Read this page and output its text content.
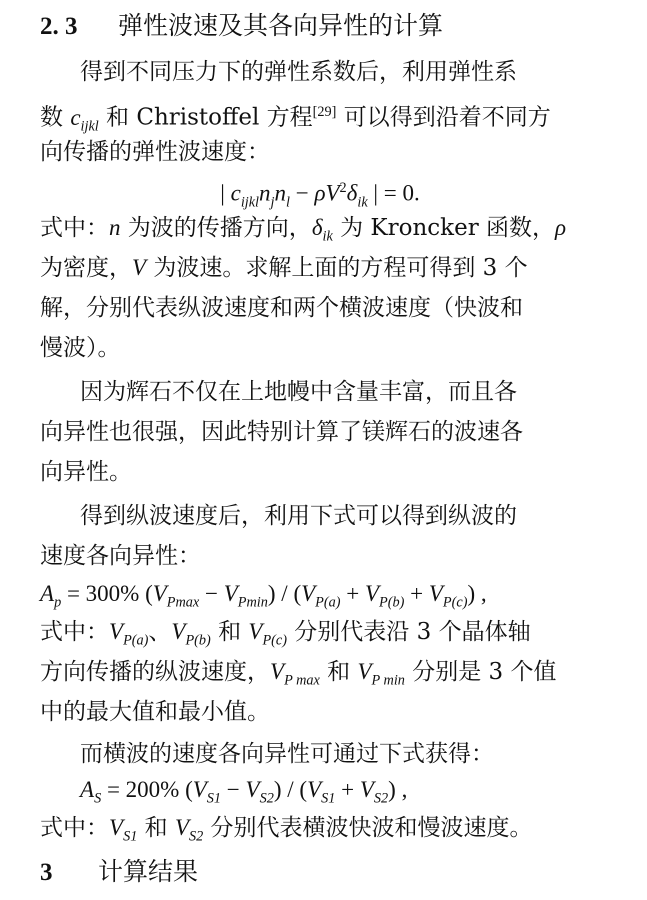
2. 3 弹性波速及其各向异性的计算
得到不同压力下的弹性系数后，利用弹性系
数 $c_{ijkl}$ 和 Christoffel 方程[29] 可以得到沿着不同方
向传播的弹性波速度：
| $c_{ijkl}n_jn_l - \rho V^2\delta_{ik}$ | = 0.
式中：n 为波的传播方向，$\delta_{ik}$ 为 Kroncker 函数，ρ
为密度，V 为波速。求解上面的方程可得到 3 个
解，分别代表纵波速度和两个横波速度（快波和
慢波）。
因为辉石不仅在上地幔中含量丰富，而且各
向异性也很强，因此特别计算了镁辉石的波速各
向异性。
得到纵波速度后，利用下式可以得到纵波的
速度各向异性：
$A_p = 300\%$ $(V_{Pmax} - V_{Pmin}) / (V_{P(a)} + V_{P(b)} + V_{P(c)})$ ,
式中：$V_{P(a)}$、$V_{P(b)}$ 和 $V_{P(c)}$ 分别代表沿 3 个晶体轴
方向传播的纵波速度，$V_{P max}$ 和 $V_{P min}$ 分别是 3 个值
中的最大值和最小值。
而横波的速度各向异性可通过下式获得：
$A_S = 200\%$ $(V_{S1} - V_{S2}) / (V_{S1} + V_{S2})$ ,
式中：$V_{S1}$ 和 $V_{S2}$ 分别代表横波快波和慢波速度。
3 计算结果
